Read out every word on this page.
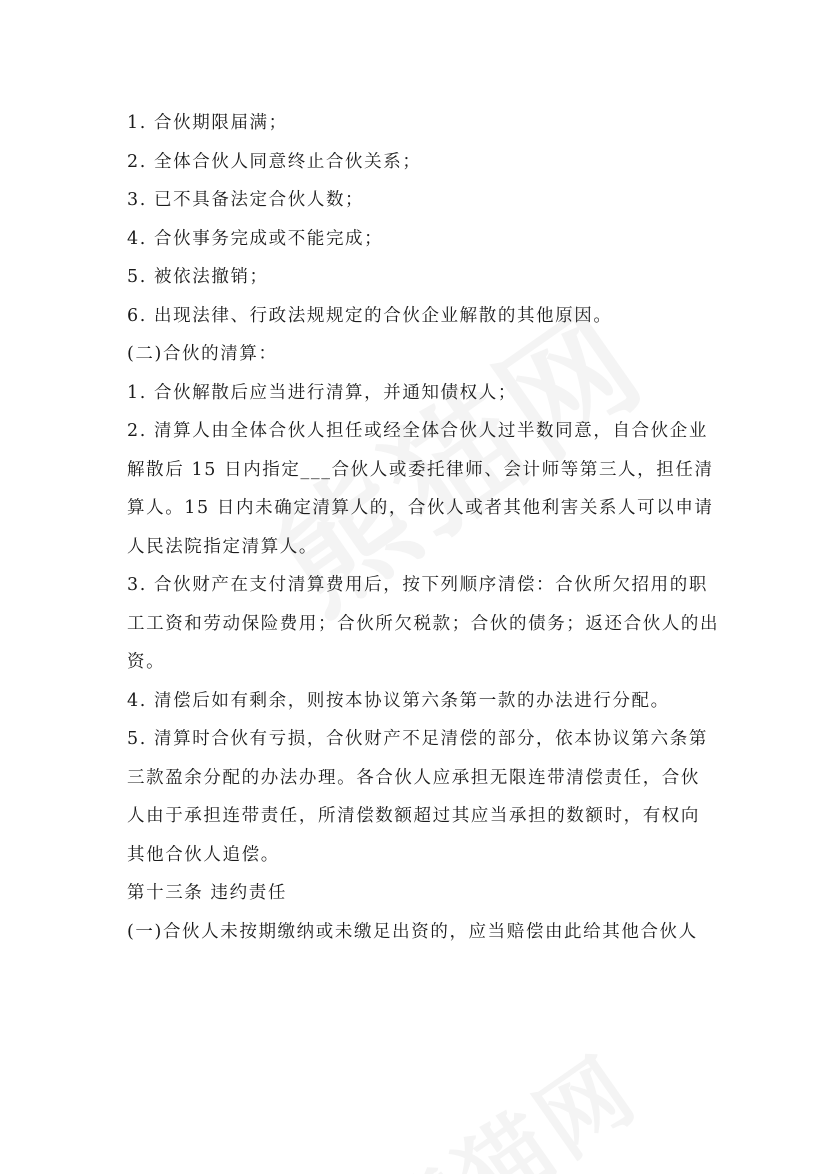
1. 合伙期限届满；
2. 全体合伙人同意终止合伙关系；
3. 已不具备法定合伙人数；
4. 合伙事务完成或不能完成；
5. 被依法撤销；
6. 出现法律、行政法规规定的合伙企业解散的其他原因。
(二)合伙的清算：
1. 合伙解散后应当进行清算，并通知债权人；
2. 清算人由全体合伙人担任或经全体合伙人过半数同意，自合伙企业
解散后 15 日内指定___合伙人或委托律师、会计师等第三人，担任清
算人。15 日内未确定清算人的，合伙人或者其他利害关系人可以申请
人民法院指定清算人。
3. 合伙财产在支付清算费用后，按下列顺序清偿：合伙所欠招用的职
工工资和劳动保险费用；合伙所欠税款；合伙的债务；返还合伙人的出
资。
4. 清偿后如有剩余，则按本协议第六条第一款的办法进行分配。
5. 清算时合伙有亏损，合伙财产不足清偿的部分，依本协议第六条第
三款盈余分配的办法办理。各合伙人应承担无限连带清偿责任，合伙
人由于承担连带责任，所清偿数额超过其应当承担的数额时，有权向
其他合伙人追偿。
第十三条 违约责任
(一)合伙人未按期缴纳或未缴足出资的，应当赔偿由此给其他合伙人
